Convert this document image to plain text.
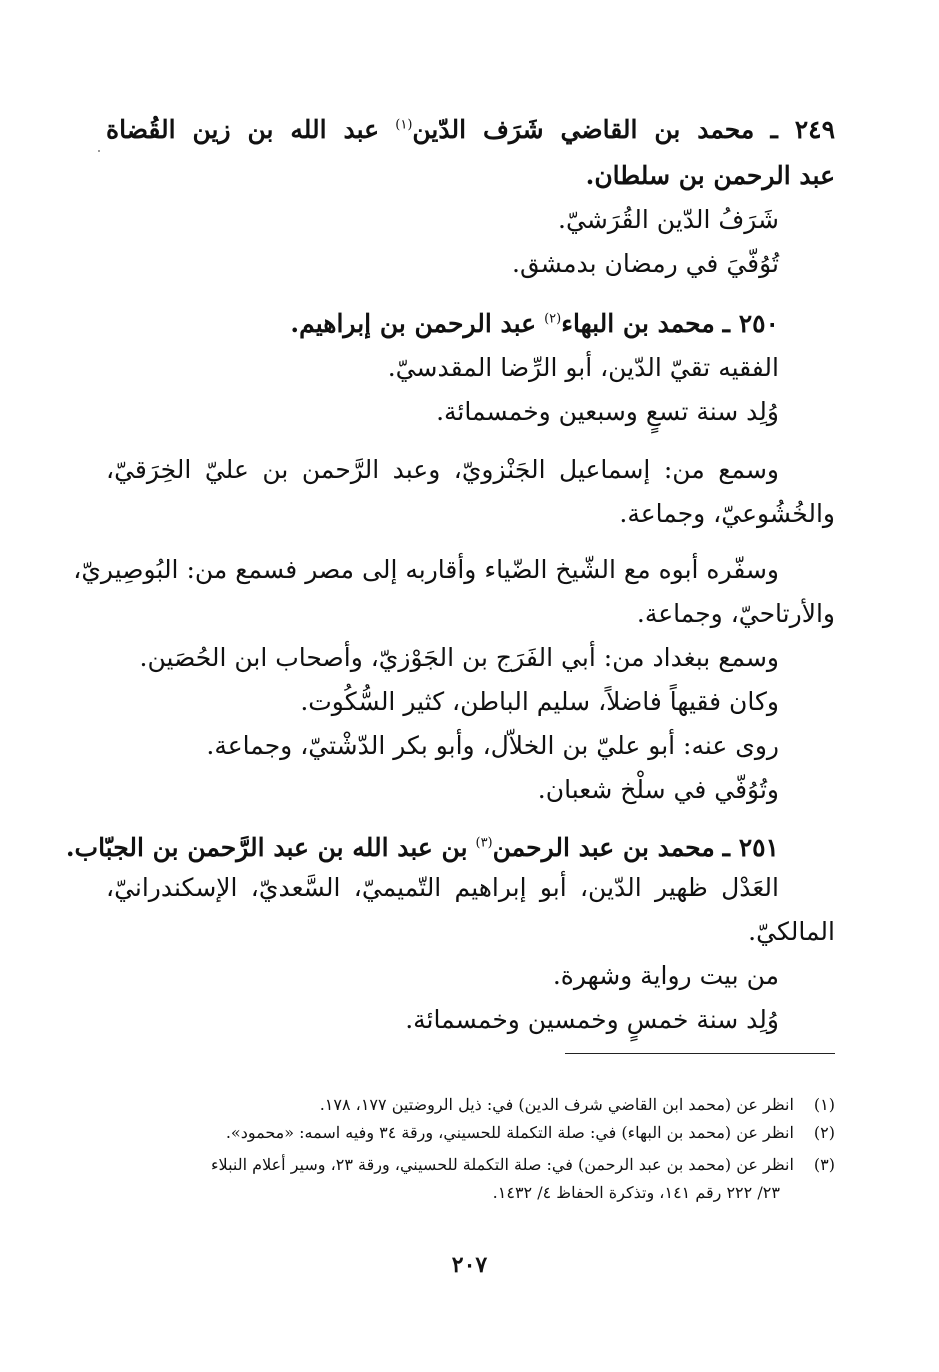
٢٤٩ ـ محمد بن القاضي شَرَف الدّين$^{(١)}$ عبد الله بن زين القُضاة
عبد الرحمن بن سلطان.
شَرَفُ الدّين القُرَشيّ.
تُوُفّيَ في رمضان بدمشق.
٢٥٠ ـ محمد بن البهاء$^{(٢)}$ عبد الرحمن بن إبراهيم.
الفقيه تقيّ الدّين، أبو الرِّضا المقدسيّ.
وُلِد سنة تسعٍ وسبعين وخمسمائة.
وسمع من: إسماعيل الجَنْزويّ، وعبد الرَّحمن بن عليّ الخِرَقيّ،
والخُشُوعيّ، وجماعة.
وسفّره أبوه مع الشّيخ الضّياء وأقاربه إلى مصر فسمع من: البُوصِيريّ،
والأرتاحيّ، وجماعة.
وسمع ببغداد من: أبي الفَرَج بن الجَوْزيّ، وأصحاب ابن الحُصَين.
وكان فقيهاً فاضلاً، سليم الباطن، كثير السُّكُوت.
روى عنه: أبو عليّ بن الخلاّل، وأبو بكر الدّشْتيّ، وجماعة.
وتُوُفّي في سلْخ شعبان.
٢٥١ ـ محمد بن عبد الرحمن$^{(٣)}$ بن عبد الله بن عبد الرَّحمن بن الجبّاب.
العَدْل ظهير الدّين، أبو إبراهيم التّميميّ، السَّعديّ، الإسكندرانيّ،
المالكيّ.
من بيت رواية وشهرة.
وُلِد سنة خمسٍ وخمسين وخمسمائة.
(١) انظر عن (محمد ابن القاضي شرف الدين) في: ذيل الروضتين ١٧٧، ١٧٨.
(٢) انظر عن (محمد بن البهاء) في: صلة التكملة للحسيني، ورقة ٣٤ وفيه اسمه: «محمود».
(٣) انظر عن (محمد بن عبد الرحمن) في: صلة التكملة للحسيني، ورقة ٢٣، وسير أعلام النبلاء
٢٣/ ٢٢٢ رقم ١٤١، وتذكرة الحفاظ ٤/ ١٤٣٢.
٢٠٧
